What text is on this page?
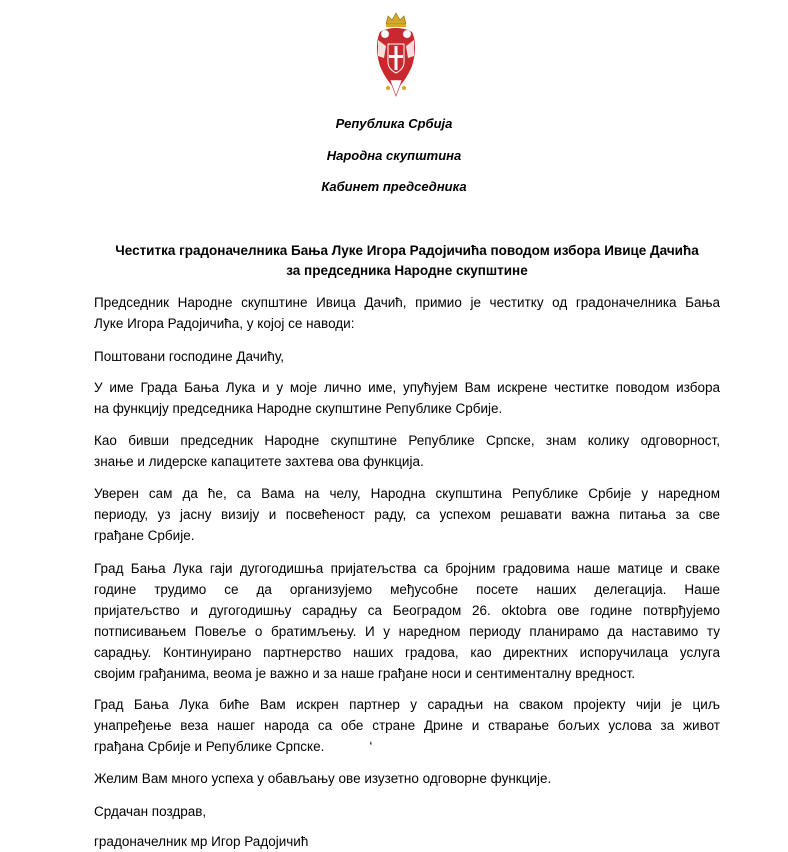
Република Србија
Народна скупштина
Кабинет председника
Честитка градоначелника Бања Луке Игора Радојичића поводом избора Ивице Дачића
за председника Народне скупштине
Председник Народне скупштине Ивица Дачић, примио је честитку од градоначелника Бања
Луке Игора Радојичића, у којој се наводи:
Поштовани господине Дачићу,
У име Града Бања Лука и у моје лично име, упућујем Вам искрене честитке поводом избора
на функцију председника Народне скупштине Републике Србије.
Као бивши председник Народне скупштине Републике Српске, знам колику одговорност,
знање и лидерске капацитете захтева ова функција.
Уверен сам да ће, са Вама на челу, Народна скупштина Републике Србије у наредном
периоду, уз јасну визију и посвећеност раду, са успехом решавати важна питања за све
грађане Србије.
Град Бања Лука гаји дугогодишња пријатељства са бројним градовима наше матице и сваке
године трудимо се да организујемо међусобне посете наших делегација. Наше
пријатељство и дугогодишњу сарадњу са Београдом 26. oktobra ове године потврђујемо
потписивањем Повеље о братимљењу. И у наредном периоду планирамо да наставимо ту
сарадњу. Континуирано партнерство наших градова, као директних испоручилаца услуга
својим грађанима, веома је важно и за наше грађане носи и сентиментaлну вредност.
Град Бања Лука биће Вам искрен партнер у сарадњи на сваком пројекту чији је циљ
унапређење веза нашег народа са обе стране Дрине и стварање бољих услова за живот
грађана Србије и Републике Српске.            ‘
Желим Вам много успеха у обављању ове изузетно одговорне функције.
Срдачан поздрав,
градоначелник мр Игор Радојичић
